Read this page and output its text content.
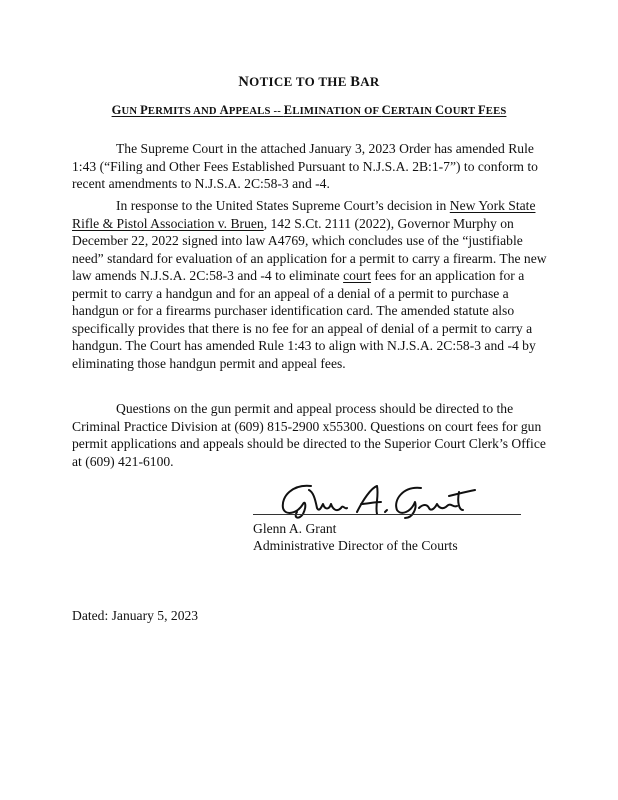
NOTICE TO THE BAR
GUN PERMITS AND APPEALS -- ELIMINATION OF CERTAIN COURT FEES

The Supreme Court in the attached January 3, 2023 Order has amended Rule 1:43 (“Filing and Other Fees Established Pursuant to N.J.S.A. 2B:1-7”) to conform to recent amendments to N.J.S.A. 2C:58-3 and -4.

In response to the United States Supreme Court’s decision in New York State Rifle & Pistol Association v. Bruen, 142 S.Ct. 2111 (2022), Governor Murphy on December 22, 2022 signed into law A4769, which concludes use of the “justifiable need” standard for evaluation of an application for a permit to carry a firearm. The new law amends N.J.S.A. 2C:58-3 and -4 to eliminate court fees for an application for a permit to carry a handgun and for an appeal of a denial of a permit to purchase a handgun or for a firearms purchaser identification card. The amended statute also specifically provides that there is no fee for an appeal of denial of a permit to carry a handgun. The Court has amended Rule 1:43 to align with N.J.S.A. 2C:58-3 and -4 by eliminating those handgun permit and appeal fees.

Questions on the gun permit and appeal process should be directed to the Criminal Practice Division at (609) 815-2900 x55300. Questions on court fees for gun permit applications and appeals should be directed to the Superior Court Clerk’s Office at (609) 421-6100.

Glenn A. Grant
Administrative Director of the Courts
Dated: January 5, 2023
